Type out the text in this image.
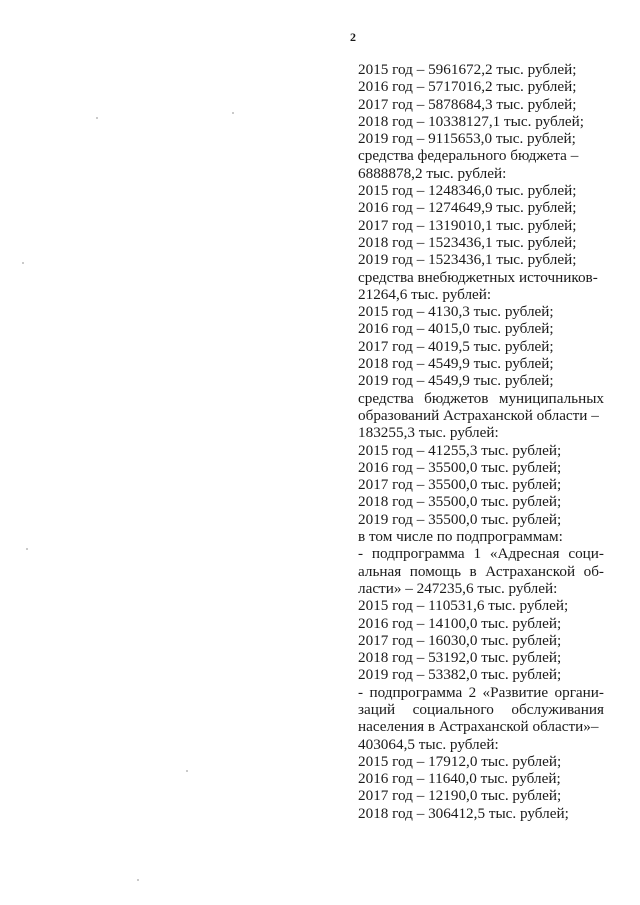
2
2015 год – 5961672,2 тыс. рублей;
2016 год – 5717016,2 тыс. рублей;
2017 год – 5878684,3 тыс. рублей;
2018 год – 10338127,1 тыс. рублей;
2019 год – 9115653,0 тыс. рублей;
средства федерального бюджета –
6888878,2 тыс. рублей:
2015 год – 1248346,0 тыс. рублей;
2016 год – 1274649,9 тыс. рублей;
2017 год – 1319010,1 тыс. рублей;
2018 год – 1523436,1 тыс. рублей;
2019 год – 1523436,1 тыс. рублей;
средства внебюджетных источников-
21264,6 тыс. рублей:
2015 год – 4130,3 тыс. рублей;
2016 год – 4015,0 тыс. рублей;
2017 год – 4019,5 тыс. рублей;
2018 год – 4549,9 тыс. рублей;
2019 год – 4549,9 тыс. рублей;
средства бюджетов муниципальных
образований Астраханской области –
183255,3 тыс. рублей:
2015 год – 41255,3 тыс. рублей;
2016 год – 35500,0 тыс. рублей;
2017 год – 35500,0 тыс. рублей;
2018 год – 35500,0 тыс. рублей;
2019 год – 35500,0 тыс. рублей;
в том числе по подпрограммам:
- подпрограмма 1 «Адресная соци-
альная помощь в Астраханской об-
ласти» – 247235,6 тыс. рублей:
2015 год – 110531,6 тыс. рублей;
2016 год – 14100,0 тыс. рублей;
2017 год – 16030,0 тыс. рублей;
2018 год – 53192,0 тыс. рублей;
2019 год – 53382,0 тыс. рублей;
- подпрограмма 2 «Развитие органи-
заций социального обслуживания
населения в Астраханской области»–
403064,5 тыс. рублей:
2015 год – 17912,0 тыс. рублей;
2016 год – 11640,0 тыс. рублей;
2017 год – 12190,0 тыс. рублей;
2018 год – 306412,5 тыс. рублей;
